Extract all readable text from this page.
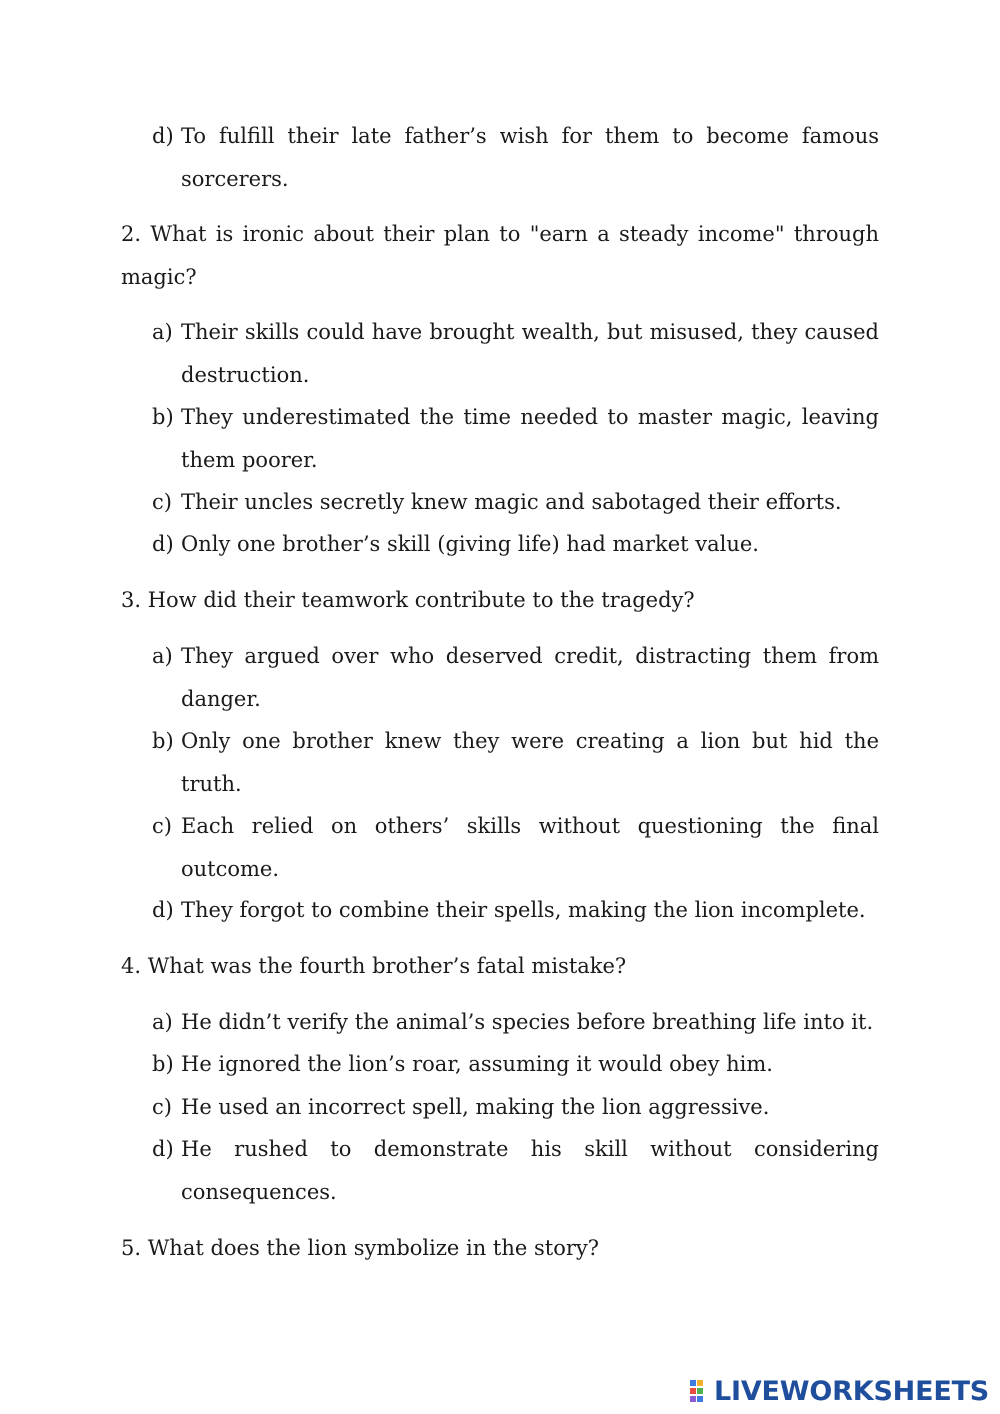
d) To fulfill their late father’s wish for them to become famous sorcerers.
2. What is ironic about their plan to "earn a steady income" through magic?
a) Their skills could have brought wealth, but misused, they caused destruction.
b) They underestimated the time needed to master magic, leaving them poorer.
c) Their uncles secretly knew magic and sabotaged their efforts.
d) Only one brother’s skill (giving life) had market value.
3. How did their teamwork contribute to the tragedy?
a) They argued over who deserved credit, distracting them from danger.
b) Only one brother knew they were creating a lion but hid the truth.
c) Each relied on others’ skills without questioning the final outcome.
d) They forgot to combine their spells, making the lion incomplete.
4. What was the fourth brother’s fatal mistake?
a) He didn’t verify the animal’s species before breathing life into it.
b) He ignored the lion’s roar, assuming it would obey him.
c) He used an incorrect spell, making the lion aggressive.
d) He rushed to demonstrate his skill without considering consequences.
5. What does the lion symbolize in the story?
LIVEWORKSHEETS
